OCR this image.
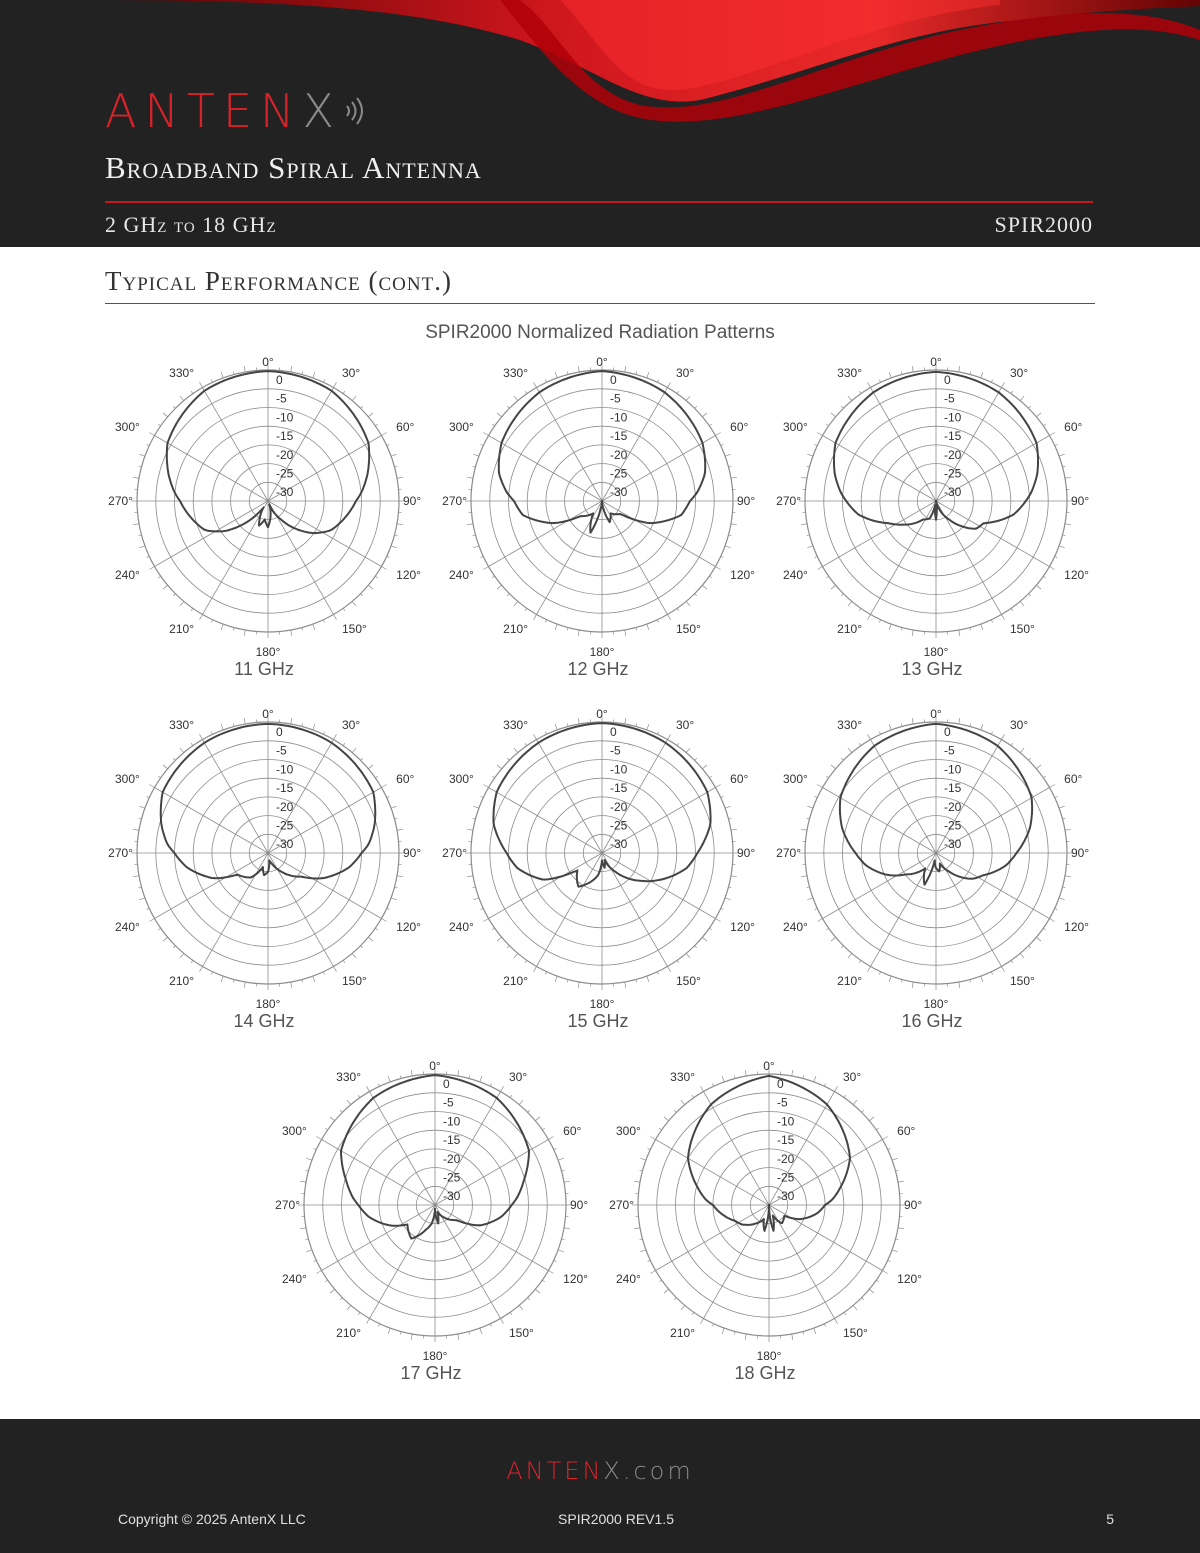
ANTEN X
Broadband Spiral Antenna
2 GHz to 18 GHz	SPIR2000
Typical Performance (cont.)
SPIR2000 Normalized Radiation Patterns
0°
30°
60°
90°
120°
150°
180°
210°
240°
270°
300°
330°
0
-5
-10
-15
-20
-25
-30
11 GHz
0°
30°
60°
90°
120°
150°
180°
210°
240°
270°
300°
330°
0
-5
-10
-15
-20
-25
-30
12 GHz
0°
30°
60°
90°
120°
150°
180°
210°
240°
270°
300°
330°
0
-5
-10
-15
-20
-25
-30
13 GHz
0°
30°
60°
90°
120°
150°
180°
210°
240°
270°
300°
330°
0
-5
-10
-15
-20
-25
-30
14 GHz
0°
30°
60°
90°
120°
150°
180°
210°
240°
270°
300°
330°
0
-5
-10
-15
-20
-25
-30
15 GHz
0°
30°
60°
90°
120°
150°
180°
210°
240°
270°
300°
330°
0
-5
-10
-15
-20
-25
-30
16 GHz
0°
30°
60°
90°
120°
150°
180°
210°
240°
270°
300°
330°
0
-5
-10
-15
-20
-25
-30
17 GHz
0°
30°
60°
90°
120°
150°
180°
210°
240°
270°
300°
330°
0
-5
-10
-15
-20
-25
-30
18 GHz
ANTENX.com
Copyright © 2025 AntenX LLC	SPIR2000 REV1.5	5
